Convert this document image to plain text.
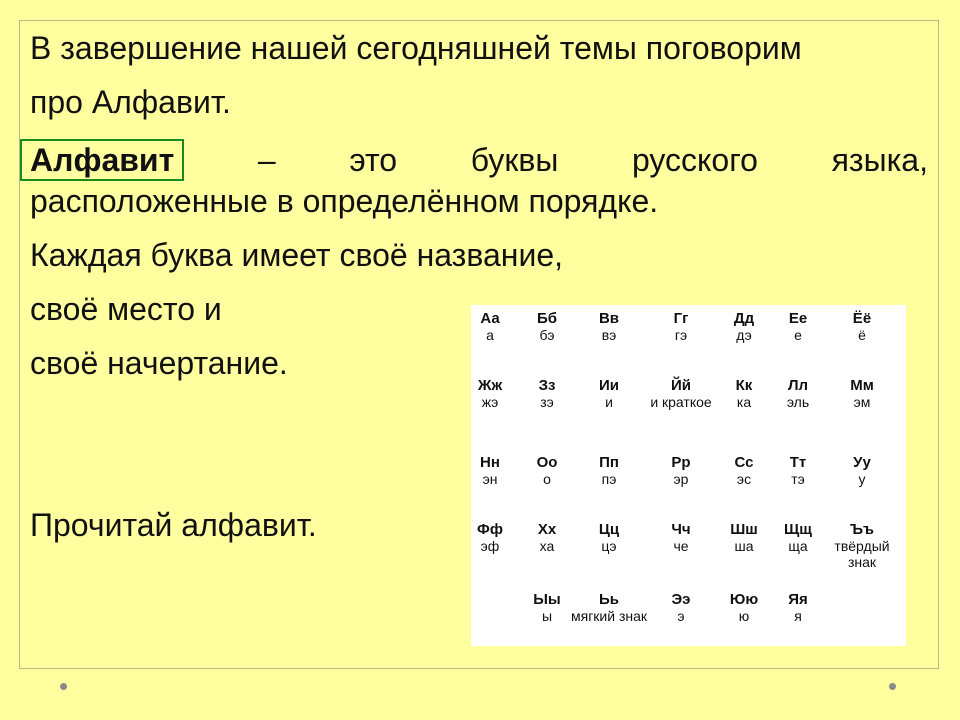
В завершение нашей сегодняшней темы поговорим
про Алфавит.
Алфавит	– это буквы русского языка,
расположенные в определённом порядке.
Каждая буква имеет своё название,
своё место и
своё начертание.
Прочитай алфавит.
Аа
а
Бб
бэ
Вв
вэ
Гг
гэ
Дд
дэ
Ее
е
Ёё
ё
Жж
жэ
Зз
зэ
Ии
и
Йй
и краткое
Кк
ка
Лл
эль
Мм
эм
Нн
эн
Оо
о
Пп
пэ
Рр
эр
Сс
эс
Тт
тэ
Уу
у
Фф
эф
Хх
ха
Цц
цэ
Чч
че
Шш
ша
Щщ
ща
Ъъ
твёрдый знак
Ыы
ы
Ьь
мягкий знак
Ээ
э
Юю
ю
Яя
я
